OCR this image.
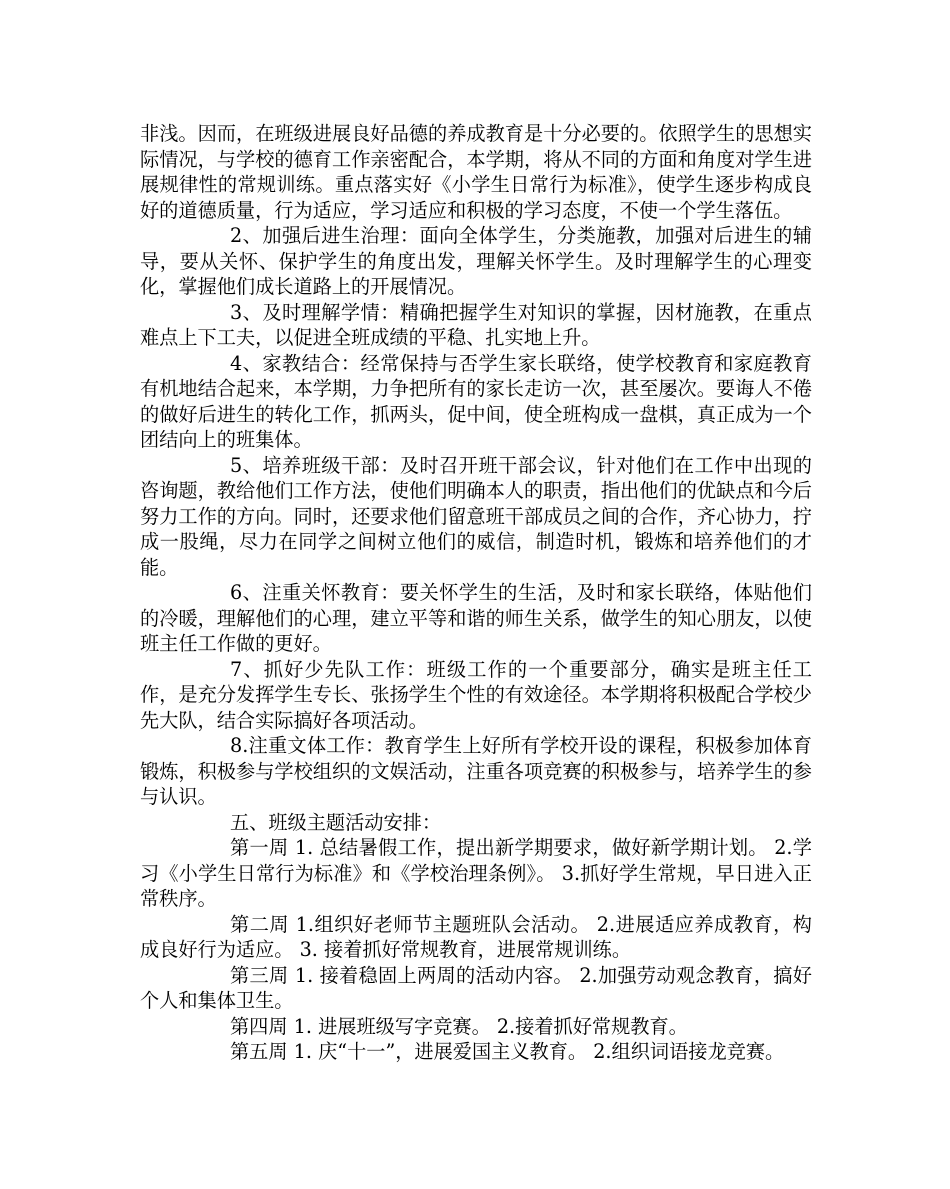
非浅。因而，在班级进展良好品德的养成教育是十分必要的。依照学生的思想实际情况，与学校的德育工作亲密配合，本学期，将从不同的方面和角度对学生进展规律性的常规训练。重点落实好《小学生日常行为标准》，使学生逐步构成良好的道德质量，行为适应，学习适应和积极的学习态度，不使一个学生落伍。

2、加强后进生治理：面向全体学生，分类施教，加强对后进生的辅导，要从关怀、保护学生的角度出发，理解关怀学生。及时理解学生的心理变化，掌握他们成长道路上的开展情况。

3、及时理解学情：精确把握学生对知识的掌握，因材施教，在重点难点上下工夫，以促进全班成绩的平稳、扎实地上升。

4、家教结合：经常保持与否学生家长联络，使学校教育和家庭教育有机地结合起来，本学期，力争把所有的家长走访一次，甚至屡次。要诲人不倦的做好后进生的转化工作，抓两头，促中间，使全班构成一盘棋，真正成为一个团结向上的班集体。

5、培养班级干部：及时召开班干部会议，针对他们在工作中出现的咨询题，教给他们工作方法，使他们明确本人的职责，指出他们的优缺点和今后努力工作的方向。同时，还要求他们留意班干部成员之间的合作，齐心协力，拧成一股绳，尽力在同学之间树立他们的威信，制造时机，锻炼和培养他们的才能。

6、注重关怀教育：要关怀学生的生活，及时和家长联络，体贴他们的冷暖，理解他们的心理，建立平等和谐的师生关系，做学生的知心朋友，以使班主任工作做的更好。

7、抓好少先队工作：班级工作的一个重要部分，确实是班主任工作，是充分发挥学生专长、张扬学生个性的有效途径。本学期将积极配合学校少先大队，结合实际搞好各项活动。

8.注重文体工作：教育学生上好所有学校开设的课程，积极参加体育锻炼，积极参与学校组织的文娱活动，注重各项竞赛的积极参与，培养学生的参与认识。

五、班级主题活动安排：

第一周 1. 总结暑假工作，提出新学期要求，做好新学期计划。 2.学习《小学生日常行为标准》和《学校治理条例》。 3.抓好学生常规，早日进入正常秩序。

第二周 1.组织好老师节主题班队会活动。 2.进展适应养成教育，构成良好行为适应。 3. 接着抓好常规教育，进展常规训练。

第三周 1. 接着稳固上两周的活动内容。 2.加强劳动观念教育，搞好个人和集体卫生。

第四周 1. 进展班级写字竞赛。 2.接着抓好常规教育。

第五周 1. 庆“十一”，进展爱国主义教育。 2.组织词语接龙竞赛。
